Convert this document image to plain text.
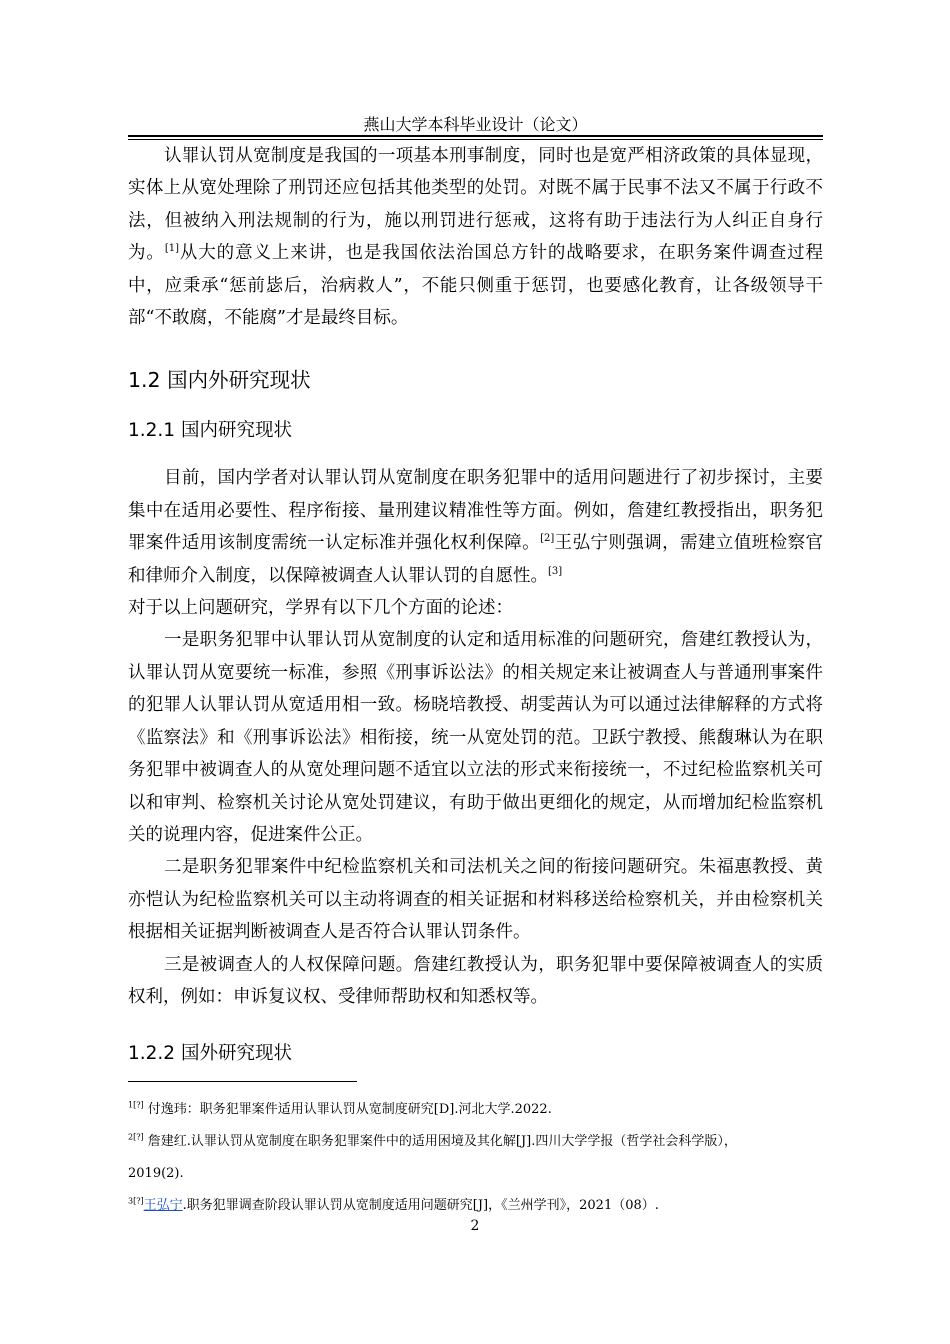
燕山大学本科毕业设计（论文）

认罪认罚从宽制度是我国的一项基本刑事制度，同时也是宽严相济政策的具体显现，实体上从宽处理除了刑罚还应包括其他类型的处罚。对既不属于民事不法又不属于行政不法，但被纳入刑法规制的行为，施以刑罚进行惩戒，这将有助于违法行为人纠正自身行为。[1]从大的意义上来讲，也是我国依法治国总方针的战略要求，在职务案件调查过程中，应秉承“惩前毖后，治病救人”，不能只侧重于惩罚，也要感化教育，让各级领导干部“不敢腐，不能腐”才是最终目标。

1.2 国内外研究现状
1.2.1 国内研究现状

目前，国内学者对认罪认罚从宽制度在职务犯罪中的适用问题进行了初步探讨，主要集中在适用必要性、程序衔接、量刑建议精准性等方面。例如，詹建红教授指出，职务犯罪案件适用该制度需统一认定标准并强化权利保障。[2]王弘宁则强调，需建立值班检察官和律师介入制度，以保障被调查人认罪认罚的自愿性。[3]

对于以上问题研究，学界有以下几个方面的论述：

一是职务犯罪中认罪认罚从宽制度的认定和适用标准的问题研究，詹建红教授认为，认罪认罚从宽要统一标准，参照《刑事诉讼法》的相关规定来让被调查人与普通刑事案件的犯罪人认罪认罚从宽适用相一致。杨晓培教授、胡雯茜认为可以通过法律解释的方式将《监察法》和《刑事诉讼法》相衔接，统一从宽处罚的范。卫跃宁教授、熊馥琳认为在职务犯罪中被调查人的从宽处理问题不适宜以立法的形式来衔接统一，不过纪检监察机关可以和审判、检察机关讨论从宽处罚建议，有助于做出更细化的规定，从而增加纪检监察机关的说理内容，促进案件公正。

二是职务犯罪案件中纪检监察机关和司法机关之间的衔接问题研究。朱福惠教授、黄亦恺认为纪检监察机关可以主动将调查的相关证据和材料移送给检察机关，并由检察机关根据相关证据判断被调查人是否符合认罪认罚条件。

三是被调查人的人权保障问题。詹建红教授认为，职务犯罪中要保障被调查人的实质权利，例如：申诉复议权、受律师帮助权和知悉权等。

1.2.2 国外研究现状
$^{1[?]}$ 付逸玮：职务犯罪案件适用认罪认罚从宽制度研究[D].河北大学.2022.
$^{2[?]}$ 詹建红.认罪认罚从宽制度在职务犯罪案件中的适用困境及其化解[J].四川大学学报（哲学社会科学版），
2019(2).
$^{3[?]}$王弘宁.职务犯罪调查阶段认罪认罚从宽制度适用问题研究[J]，《兰州学刊》，2021（08）.
2
